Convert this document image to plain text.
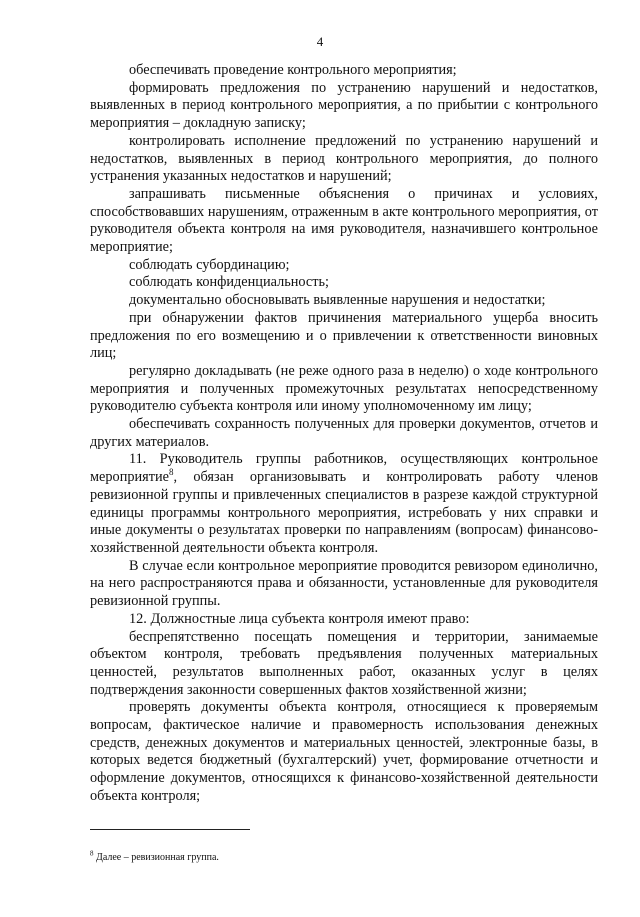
4

обеспечивать проведение контрольного мероприятия;

формировать предложения по устранению нарушений и недостатков, выявленных в период контрольного мероприятия, а по прибытии с контрольного мероприятия – докладную записку;

контролировать исполнение предложений по устранению нарушений и недостатков, выявленных в период контрольного мероприятия, до полного устранения указанных недостатков и нарушений;

запрашивать письменные объяснения о причинах и условиях, способствовавших нарушениям, отраженным в акте контрольного мероприятия, от руководителя объекта контроля на имя руководителя, назначившего контрольное мероприятие;

соблюдать субординацию;

соблюдать конфиденциальность;

документально обосновывать выявленные нарушения и недостатки;

при обнаружении фактов причинения материального ущерба вносить предложения по его возмещению и о привлечении к ответственности виновных лиц;

регулярно докладывать (не реже одного раза в неделю) о ходе контрольного мероприятия и полученных промежуточных результатах непосредственному руководителю субъекта контроля или иному уполномоченному им лицу;

обеспечивать сохранность полученных для проверки документов, отчетов и других материалов.

11. Руководитель группы работников, осуществляющих контрольное мероприятие$^8$, обязан организовывать и контролировать работу членов ревизионной группы и привлеченных специалистов в разрезе каждой структурной единицы программы контрольного мероприятия, истребовать у них справки и иные документы о результатах проверки по направлениям (вопросам) финансово-хозяйственной деятельности объекта контроля.

В случае если контрольное мероприятие проводится ревизором единолично, на него распространяются права и обязанности, установленные для руководителя ревизионной группы.

12. Должностные лица субъекта контроля имеют право:

беспрепятственно посещать помещения и территории, занимаемые объектом контроля, требовать предъявления полученных материальных ценностей, результатов выполненных работ, оказанных услуг в целях подтверждения законности совершенных фактов хозяйственной жизни;

проверять документы объекта контроля, относящиеся к проверяемым вопросам, фактическое наличие и правомерность использования денежных средств, денежных документов и материальных ценностей, электронные базы, в которых ведется бюджетный (бухгалтерский) учет, формирование отчетности и оформление документов, относящихся к финансово-хозяйственной деятельности объекта контроля;

$^8$ Далее – ревизионная группа.
